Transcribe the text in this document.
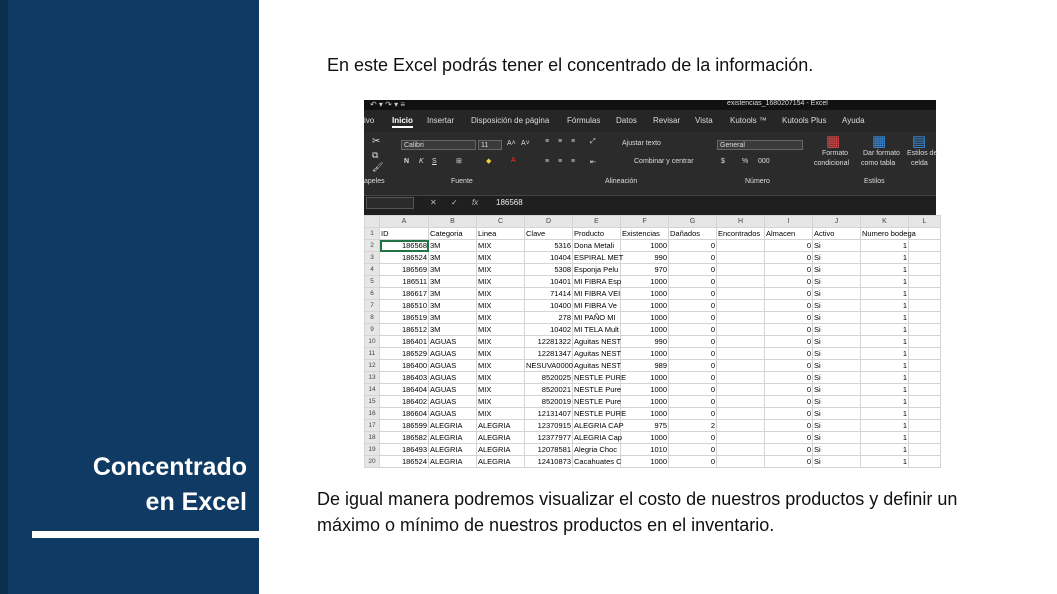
Concentrado
en Excel
En este Excel podrás tener el concentrado de la información.
↶ ▾ ↷ ▾ ≡	existencias_1680207154 - Excel
ivo Inicio Insertar Disposición de página Fórmulas Datos Revisar Vista Kutools ™ Kutools Plus Ayuda
✂
⧉
🖌
Calibri	11	A˄ A˅
N K S	⊞	◆	A
≡ ≡ ≡ ⤢	Ajustar texto
≡ ≡ ≡ ⇤	Combinar y centrar
General
$ % 000
▦
Formato
condicional
▦
Dar formato
como tabla
▤
Estilos de
celda
apeles	Fuente	Alineación	Número	Estilos
✕ ✓ fx 186568
	A	B	C	D	E	F	G	H	I	J	K	L
1	ID	Categoria	Linea	Clave	Producto	Existencias	Dañados	Encontrados	Almacen	Activo	Numero bodega	
2	186568	3M	MIX	5316	Dona Metali	1000	0		0	Si	1	
3	186524	3M	MIX	10404	ESPIRAL MET	990	0		0	Si	1	
4	186569	3M	MIX	5308	Esponja Pelu	970	0		0	Si	1	
5	186511	3M	MIX	10401	MI FIBRA Esp	1000	0		0	Si	1	
6	186617	3M	MIX	71414	MI FIBRA VEI	1000	0		0	Si	1	
7	186510	3M	MIX	10400	MI FIBRA Ve	1000	0		0	Si	1	
8	186519	3M	MIX	278	MI PAÑO MI	1000	0		0	Si	1	
9	186512	3M	MIX	10402	MI TELA Mult	1000	0		0	Si	1	
10	186401	AGUAS	MIX	12281322	Aguitas NEST	990	0		0	Si	1	
11	186529	AGUAS	MIX	12281347	Aguitas NEST	1000	0		0	Si	1	
12	186400	AGUAS	MIX	NESUVA0000	Aguitas NEST	989	0		0	Si	1	
13	186403	AGUAS	MIX	8520025	NESTLE PURE	1000	0		0	Si	1	
14	186404	AGUAS	MIX	8520021	NESTLE Pure	1000	0		0	Si	1	
15	186402	AGUAS	MIX	8520019	NESTLE Pure	1000	0		0	Si	1	
16	186604	AGUAS	MIX	12131407	NESTLE PURE	1000	0		0	Si	1	
17	186599	ALEGRIA	ALEGRIA	12370915	ALEGRIA CAP	975	2		0	Si	1	
18	186582	ALEGRIA	ALEGRIA	12377977	ALEGRIA Cap	1000	0		0	Si	1	
19	186493	ALEGRIA	ALEGRIA	12078581	Alegria Choc	1010	0		0	Si	1	
20	186524	ALEGRIA	ALEGRIA	12410873	Cacahuates C	1000	0		0	Si	1	
De igual manera podremos visualizar el costo de nuestros productos y definir un máximo o mínimo de nuestros productos en el inventario.
